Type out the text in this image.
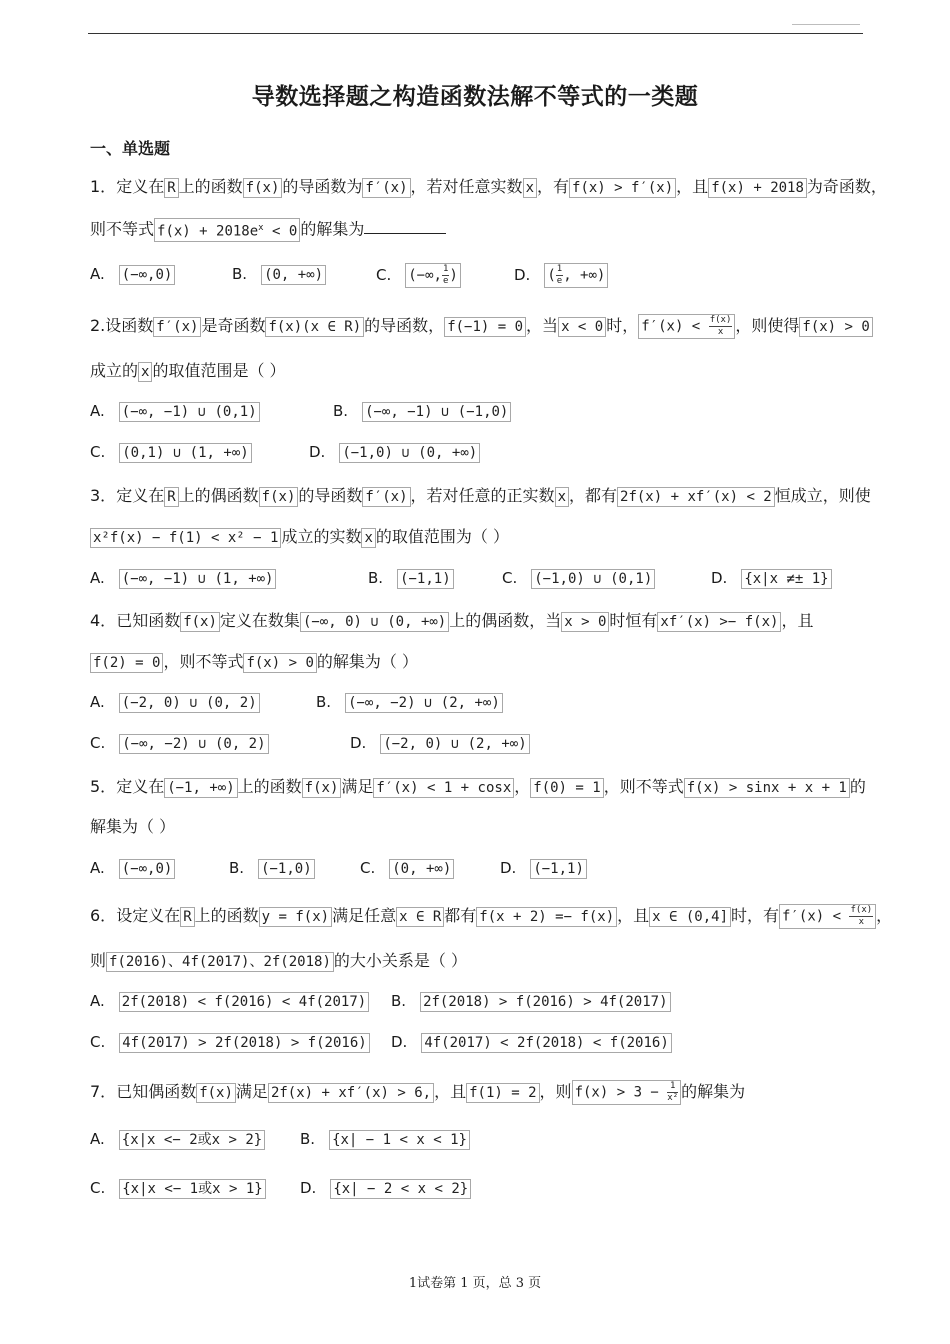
导数选择题之构造函数法解不等式的一类题
一、单选题
1．定义在 R 上的函数 f(x) 的导函数为 f′(x) ，若对任意实数 x ，有 f(x) > f′(x) ，且 f(x) + 2018 为奇函数，
则不等式 $f(x) + 2018e^x < 0$ 的解集为
A. (−∞,0)	B. (0, +∞)	C. (−∞, $\frac{1}{e}$ )	D. ( $\frac{1}{e}$ , +∞)
2.设函数 f′(x) 是奇函数 f(x)(x ∈ R) 的导函数， f(−1) = 0 ，当 x < 0 时， $f'(x) < \frac{f(x)}{x}$ ，则使得 f(x) > 0
成立的 x 的取值范围是（ ）
A. (−∞, −1) ∪ (0,1)	B. (−∞, −1) ∪ (−1,0)
C. (0,1) ∪ (1, +∞)	D. (−1,0) ∪ (0, +∞)
3．定义在 R 上的偶函数 f(x) 的导函数 f′(x) ，若对任意的正实数 x ，都有 2f(x) + xf′(x) < 2 恒成立，则使
x²f(x) − f(1) < x² − 1 成立的实数 x 的取值范围为（ ）
A. (−∞, −1) ∪ (1, +∞)	B. (−1,1)	C. (−1,0) ∪ (0,1)	D. {x|x ≠± 1}
4．已知函数 f(x) 定义在数集 (−∞, 0) ∪ (0, +∞) 上的偶函数，当 x > 0 时恒有 xf′(x) >− f(x) ，且
f(2) = 0 ，则不等式 f(x) > 0 的解集为（ ）
A. (−2, 0) ∪ (0, 2)	B. (−∞, −2) ∪ (2, +∞)
C. (−∞, −2) ∪ (0, 2)	D. (−2, 0) ∪ (2, +∞)
5．定义在 (−1, +∞) 上的函数 f(x) 满足 f′(x) < 1 + cosx ， f(0) = 1 ，则不等式 f(x) > sinx + x + 1 的
解集为（ ）
A. (−∞,0)	B. (−1,0)	C. (0, +∞)	D. (−1,1)
6．设定义在 R 上的函数 y = f(x) 满足任意 x ∈ R 都有 f(x + 2) =− f(x) ，且 x ∈ (0,4] 时，有 $f'(x) < \frac{f(x)}{x}$ ，
则 f(2016)、4f(2017)、2f(2018) 的大小关系是（ ）
A. 2f(2018) < f(2016) < 4f(2017) B. 2f(2018) > f(2016) > 4f(2017)
C. 4f(2017) > 2f(2018) > f(2016) D. 4f(2017) < 2f(2018) < f(2016)
7．已知偶函数 f(x) 满足 2f(x) + xf′(x) > 6, ，且 f(1) = 2 ，则 $f(x) > 3 - \frac{1}{\text{x²}}$ 的解集为
A. {x|x <− 2或x > 2}	B. {x| − 1 < x < 1}
C. {x|x <− 1或x > 1} D. {x| − 2 < x < 2}
1试卷第 1 页，总 3 页
